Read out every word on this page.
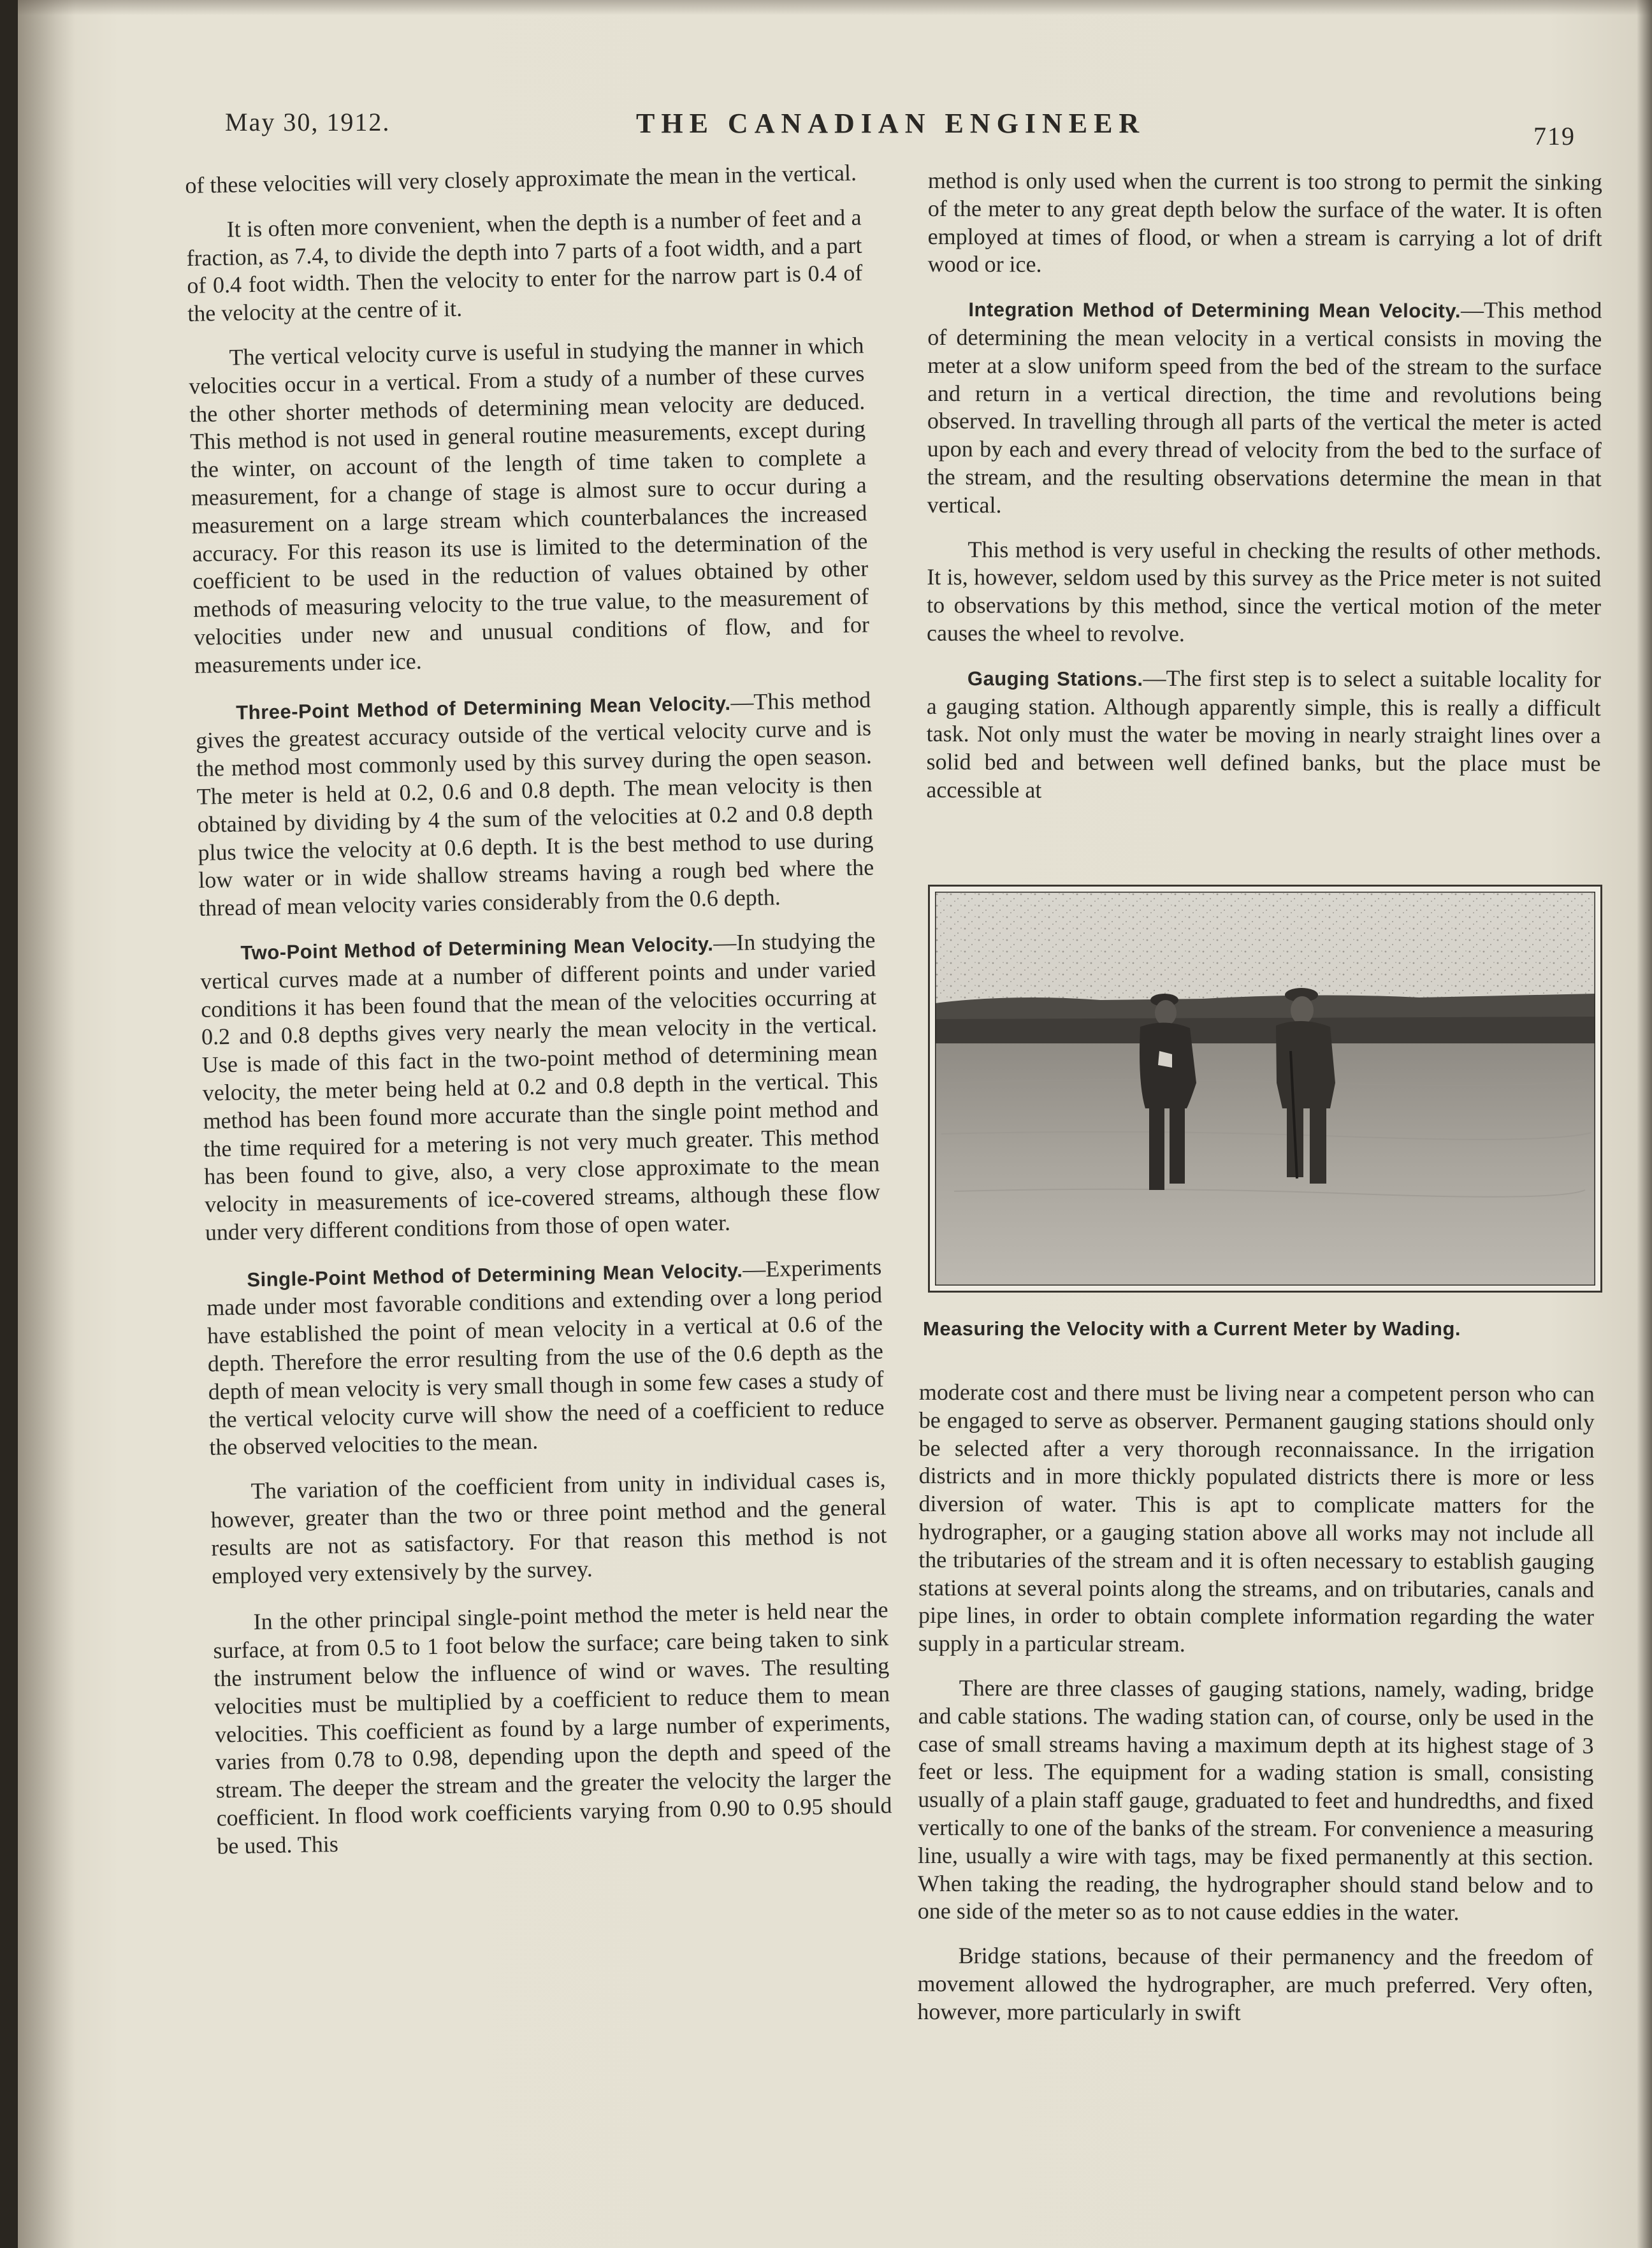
May 30, 1912.	THE CANADIAN ENGINEER	719

of these velocities will very closely approximate the mean in the vertical.

It is often more convenient, when the depth is a number of feet and a fraction, as 7.4, to divide the depth into 7 parts of a foot width, and a part of 0.4 foot width. Then the velocity to enter for the narrow part is 0.4 of the velocity at the centre of it.

The vertical velocity curve is useful in studying the manner in which velocities occur in a vertical. From a study of a number of these curves the other shorter methods of determining mean velocity are deduced. This method is not used in general routine measurements, except during the winter, on account of the length of time taken to complete a measurement, for a change of stage is almost sure to occur during a measurement on a large stream which counterbalances the increased accuracy. For this reason its use is limited to the determination of the coefficient to be used in the reduction of values obtained by other methods of measuring velocity to the true value, to the measurement of velocities under new and unusual conditions of flow, and for measurements under ice.

Three-Point Method of Determining Mean Velocity.—This method gives the greatest accuracy outside of the vertical velocity curve and is the method most commonly used by this survey during the open season. The meter is held at 0.2, 0.6 and 0.8 depth. The mean velocity is then obtained by dividing by 4 the sum of the velocities at 0.2 and 0.8 depth plus twice the velocity at 0.6 depth. It is the best method to use during low water or in wide shallow streams having a rough bed where the thread of mean velocity varies considerably from the 0.6 depth.

Two-Point Method of Determining Mean Velocity.—In studying the vertical curves made at a number of different points and under varied conditions it has been found that the mean of the velocities occurring at 0.2 and 0.8 depths gives very nearly the mean velocity in the vertical. Use is made of this fact in the two-point method of determining mean velocity, the meter being held at 0.2 and 0.8 depth in the vertical. This method has been found more accurate than the single point method and the time required for a metering is not very much greater. This method has been found to give, also, a very close approximate to the mean velocity in measurements of ice-covered streams, although these flow under very different conditions from those of open water.

Single-Point Method of Determining Mean Velocity.—Experiments made under most favorable conditions and extending over a long period have established the point of mean velocity in a vertical at 0.6 of the depth. Therefore the error resulting from the use of the 0.6 depth as the depth of mean velocity is very small though in some few cases a study of the vertical velocity curve will show the need of a coefficient to reduce the observed velocities to the mean.

The variation of the coefficient from unity in individual cases is, however, greater than the two or three point method and the general results are not as satisfactory. For that reason this method is not employed very extensively by the survey.

In the other principal single-point method the meter is held near the surface, at from 0.5 to 1 foot below the surface; care being taken to sink the instrument below the influence of wind or waves. The resulting velocities must be multiplied by a coefficient to reduce them to mean velocities. This coefficient as found by a large number of experiments, varies from 0.78 to 0.98, depending upon the depth and speed of the stream. The deeper the stream and the greater the velocity the larger the coefficient. In flood work coefficients varying from 0.90 to 0.95 should be used. This

method is only used when the current is too strong to permit the sinking of the meter to any great depth below the surface of the water. It is often employed at times of flood, or when a stream is carrying a lot of drift wood or ice.

Integration Method of Determining Mean Velocity.—This method of determining the mean velocity in a vertical consists in moving the meter at a slow uniform speed from the bed of the stream to the surface and return in a vertical direction, the time and revolutions being observed. In travelling through all parts of the vertical the meter is acted upon by each and every thread of velocity from the bed to the surface of the stream, and the resulting observations determine the mean in that vertical.

This method is very useful in checking the results of other methods. It is, however, seldom used by this survey as the Price meter is not suited to observations by this method, since the vertical motion of the meter causes the wheel to revolve.

Gauging Stations.—The first step is to select a suitable locality for a gauging station. Although apparently simple, this is really a difficult task. Not only must the water be moving in nearly straight lines over a solid bed and between well defined banks, but the place must be accessible at

Measuring the Velocity with a Current Meter by Wading.

moderate cost and there must be living near a competent person who can be engaged to serve as observer. Permanent gauging stations should only be selected after a very thorough reconnaissance. In the irrigation districts and in more thickly populated districts there is more or less diversion of water. This is apt to complicate matters for the hydrographer, or a gauging station above all works may not include all the tributaries of the stream and it is often necessary to establish gauging stations at several points along the streams, and on tributaries, canals and pipe lines, in order to obtain complete information regarding the water supply in a particular stream.

There are three classes of gauging stations, namely, wading, bridge and cable stations. The wading station can, of course, only be used in the case of small streams having a maximum depth at its highest stage of 3 feet or less. The equipment for a wading station is small, consisting usually of a plain staff gauge, graduated to feet and hundredths, and fixed vertically to one of the banks of the stream. For convenience a measuring line, usually a wire with tags, may be fixed permanently at this section. When taking the reading, the hydrographer should stand below and to one side of the meter so as to not cause eddies in the water.

Bridge stations, because of their permanency and the freedom of movement allowed the hydrographer, are much preferred. Very often, however, more particularly in swift
